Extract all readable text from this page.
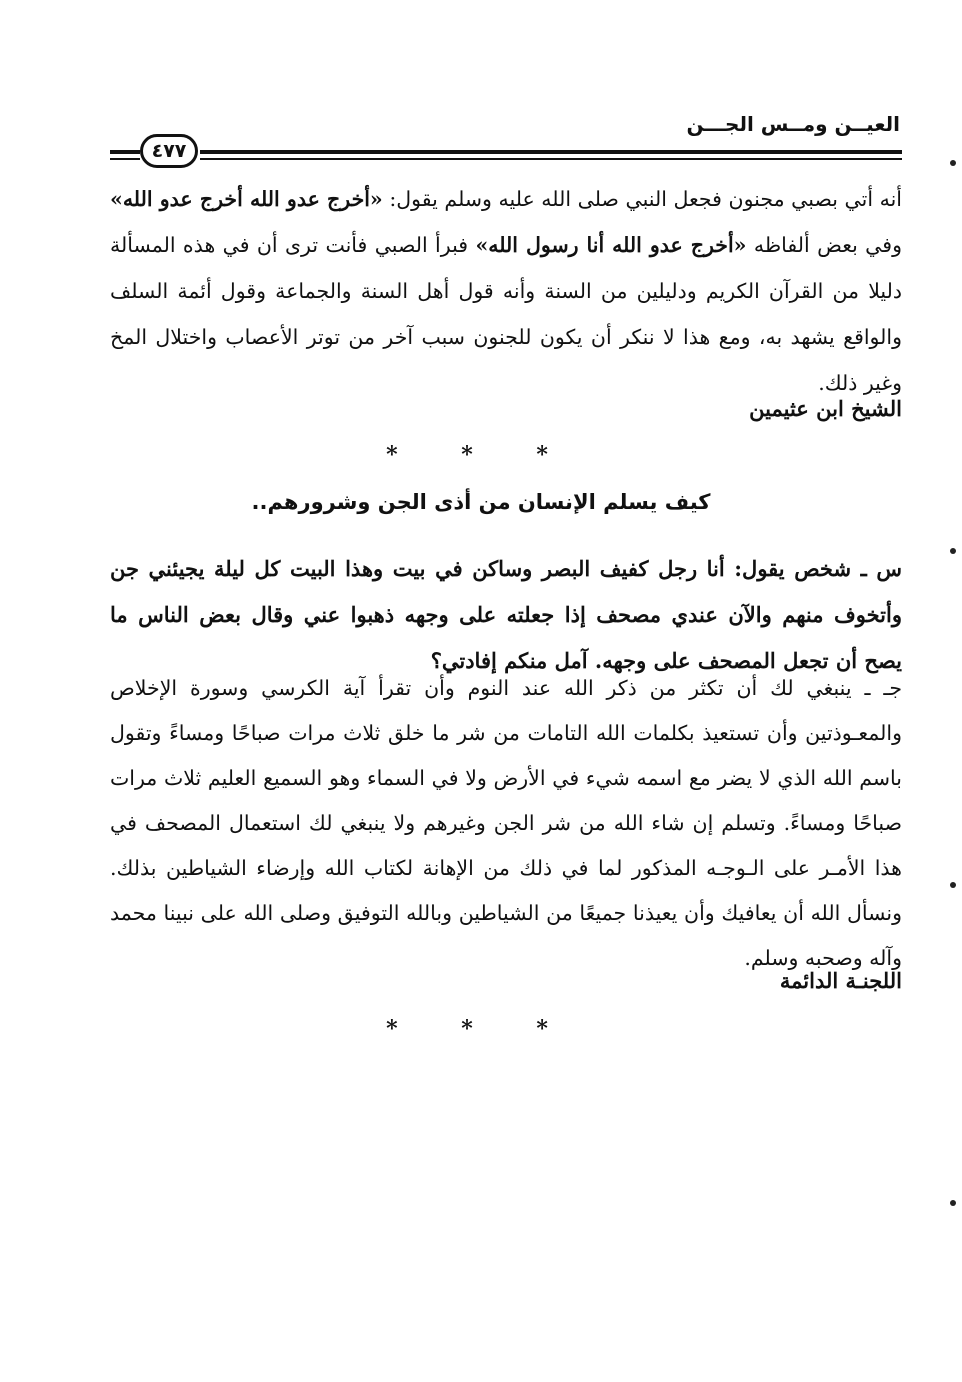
العيــن ومــس الجـــن
٤٧٧
أنه أتي بصبي مجنون فجعل النبي صلى الله عليه وسلم يقول: «أخرج عدو الله أخرج عدو الله» وفي بعض ألفاظه «أخرج عدو الله أنا رسول الله» فبرأ الصبي فأنت ترى أن في هذه المسألة دليلا من القرآن الكريم ودليلين من السنة وأنه قول أهل السنة والجماعة وقول أئمة السلف والواقع يشهد به، ومع هذا لا ننكر أن يكون للجنون سبب آخر من توتر الأعصاب واختلال المخ وغير ذلك.
الشيخ ابن عثيمين
* * *
كيف يسلم الإنسان من أذى الجن وشرورهم..
س ـ شخص يقول: أنا رجل كفيف البصر وساكن في بيت وهذا البيت كل ليلة يجيئني جن وأتخوف منهم والآن عندي مصحف إذا جعلته على وجهه ذهبوا عني وقال بعض الناس ما يصح أن تجعل المصحف على وجهه. آمل منكم إفادتي؟
جـ ـ ينبغي لك أن تكثر من ذكر الله عند النوم وأن تقرأ آية الكرسي وسورة الإخلاص والمعـوذتين وأن تستعيذ بكلمات الله التامات من شر ما خلق ثلاث مرات صباحًا ومساءً وتقول باسم الله الذي لا يضر مع اسمه شيء في الأرض ولا في السماء وهو السميع العليم ثلاث مرات صباحًا ومساءً. وتسلم إن شاء الله من شر الجن وغيرهم ولا ينبغي لك استعمال المصحف في هذا الأمـر على الـوجـه المذكور لما في ذلك من الإهانة لكتاب الله وإرضاء الشياطين بذلك. ونسأل الله أن يعافيك وأن يعيذنا جميعًا من الشياطين وبالله التوفيق وصلى الله على نبينا محمد وآله وصحبه وسلم.
اللجنـة الدائمة
* * *
